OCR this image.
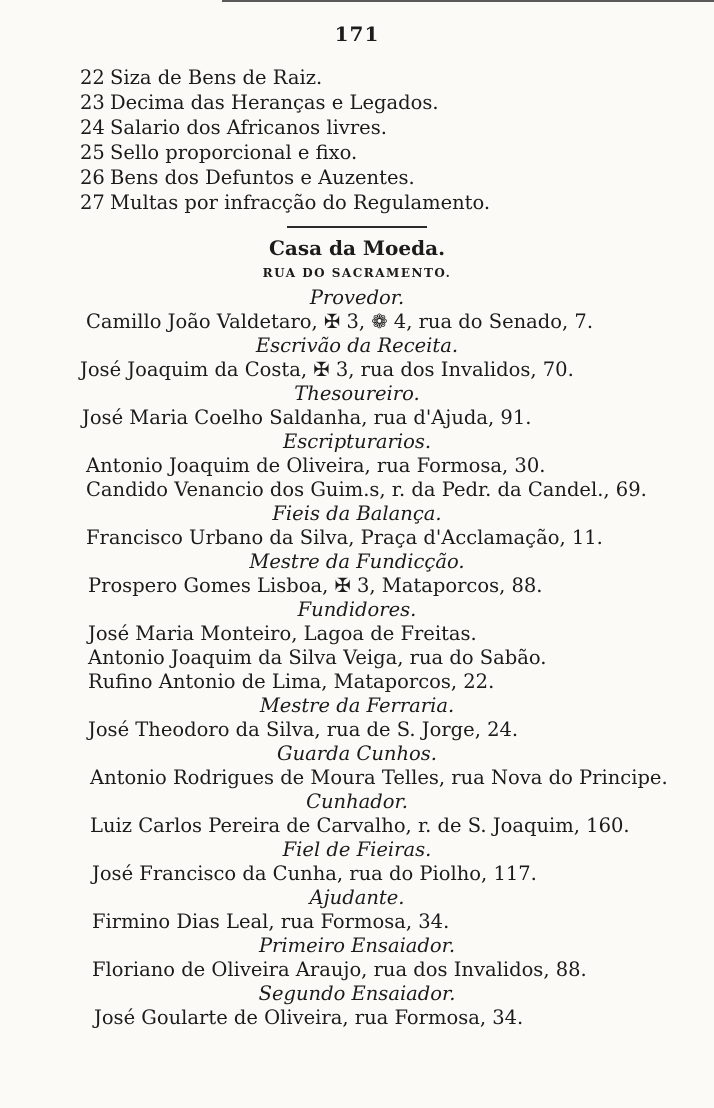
171
22 Siza de Bens de Raiz.
23 Decima das Heranças e Legados.
24 Salario dos Africanos livres.
25 Sello proporcional e fixo.
26 Bens dos Defuntos e Auzentes.
27 Multas por infracção do Regulamento.
Casa da Moeda.
RUA DO SACRAMENTO.
Provedor.
Camillo João Valdetaro, ✠ 3, ❁ 4, rua do Senado, 7.
Escrivão da Receita.
José Joaquim da Costa, ✠ 3, rua dos Invalidos, 70.
Thesoureiro.
José Maria Coelho Saldanha, rua d'Ajuda, 91.
Escripturarios.
Antonio Joaquim de Oliveira, rua Formosa, 30.
Candido Venancio dos Guim.s, r. da Pedr. da Candel., 69.
Fieis da Balança.
Francisco Urbano da Silva, Praça d'Acclamação, 11.
Mestre da Fundicção.
Prospero Gomes Lisboa, ✠ 3, Mataporcos, 88.
Fundidores.
José Maria Monteiro, Lagoa de Freitas.
Antonio Joaquim da Silva Veiga, rua do Sabão.
Rufino Antonio de Lima, Mataporcos, 22.
Mestre da Ferraria.
José Theodoro da Silva, rua de S. Jorge, 24.
Guarda Cunhos.
Antonio Rodrigues de Moura Telles, rua Nova do Principe.
Cunhador.
Luiz Carlos Pereira de Carvalho, r. de S. Joaquim, 160.
Fiel de Fieiras.
José Francisco da Cunha, rua do Piolho, 117.
Ajudante.
Firmino Dias Leal, rua Formosa, 34.
Primeiro Ensaiador.
Floriano de Oliveira Araujo, rua dos Invalidos, 88.
Segundo Ensaiador.
José Goularte de Oliveira, rua Formosa, 34.
